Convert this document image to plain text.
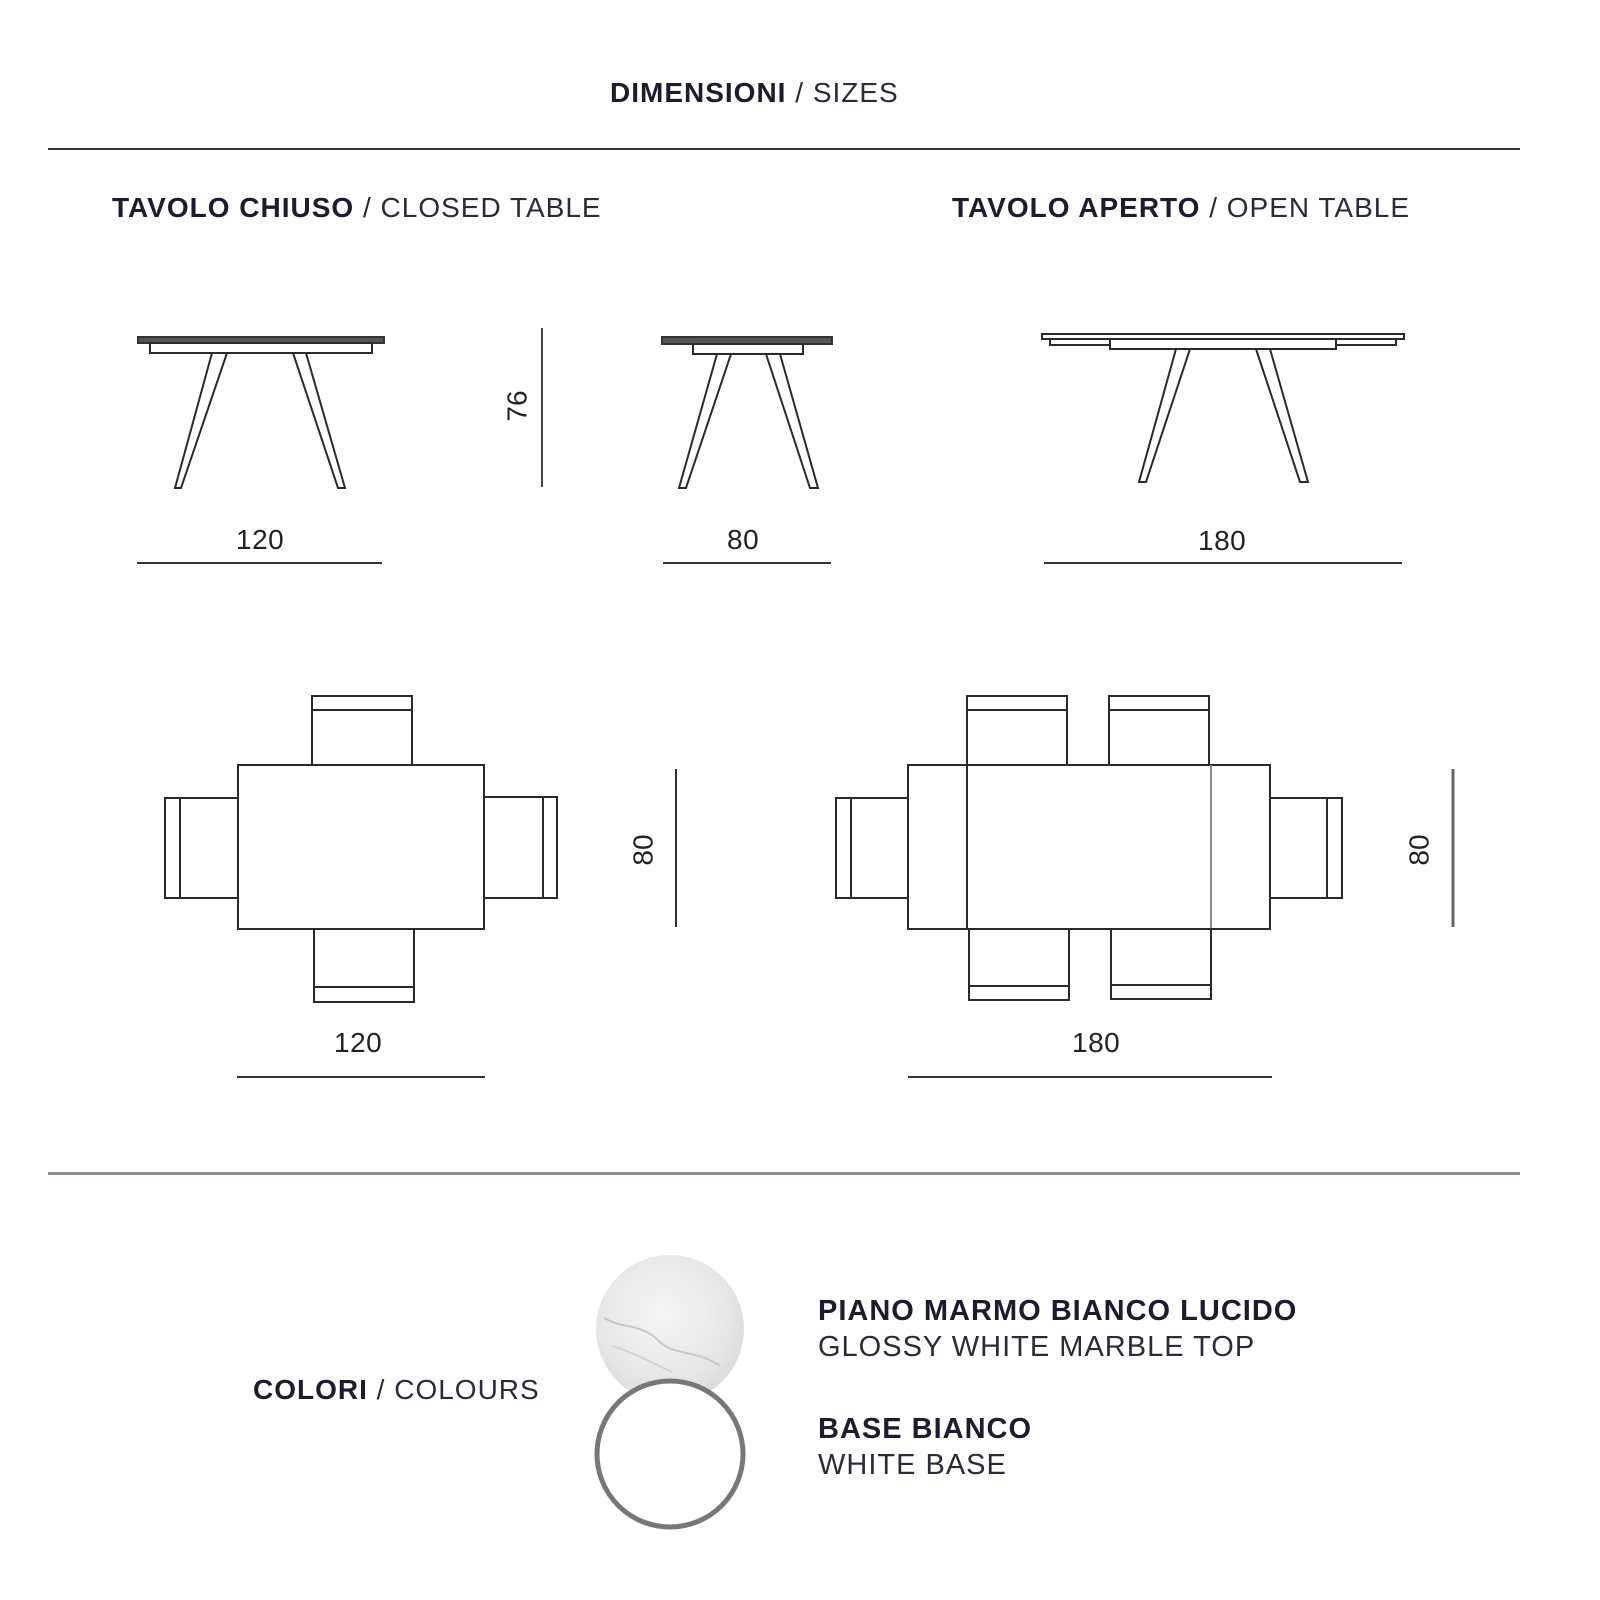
DIMENSIONI / SIZES
TAVOLO CHIUSO / CLOSED TABLE	TAVOLO APERTO / OPEN TABLE
120
76
80	180
120
80
180
80
COLORI / COLOURS
PIANO MARMO BIANCO LUCIDO
GLOSSY WHITE MARBLE TOP
BASE BIANCO
WHITE BASE
